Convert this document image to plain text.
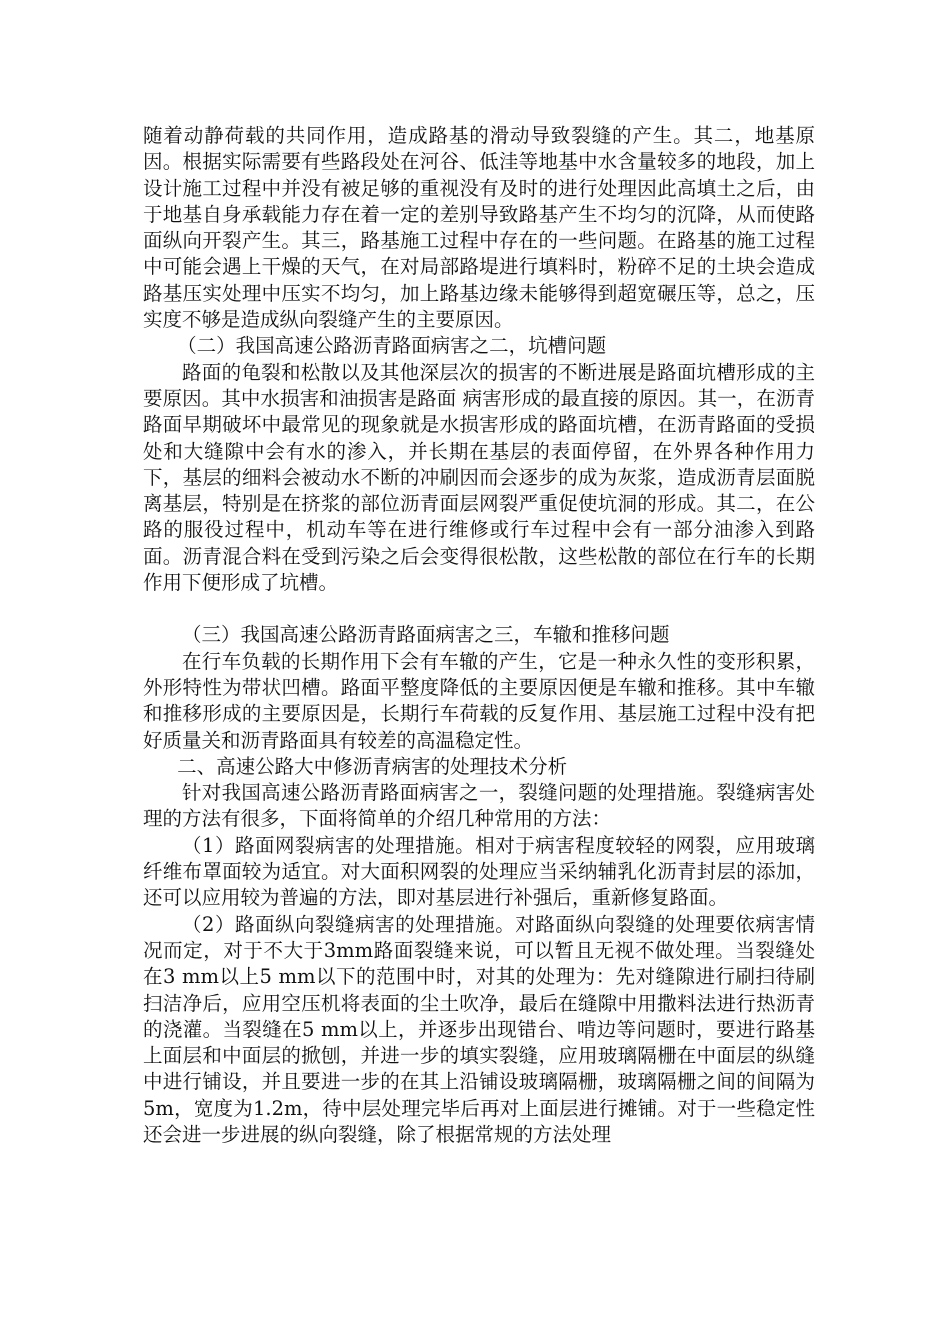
随着动静荷载的共同作用，造成路基的滑动导致裂缝的产生。其二，地基原因。根据实际需要有些路段处在河谷、低洼等地基中水含量较多的地段，加上设计施工过程中并没有被足够的重视没有及时的进行处理因此高填土之后，由于地基自身承载能力存在着一定的差别导致路基产生不均匀的沉降，从而使路面纵向开裂产生。其三，路基施工过程中存在的一些问题。在路基的施工过程中可能会遇上干燥的天气，在对局部路堤进行填料时，粉碎不足的土块会造成路基压实处理中压实不均匀，加上路基边缘未能够得到超宽碾压等，总之，压实度不够是造成纵向裂缝产生的主要原因。

（二）我国高速公路沥青路面病害之二，坑槽问题

路面的龟裂和松散以及其他深层次的损害的不断进展是路面坑槽形成的主要原因。其中水损害和油损害是路面 病害形成的最直接的原因。其一，在沥青路面早期破坏中最常见的现象就是水损害形成的路面坑槽，在沥青路面的受损处和大缝隙中会有水的渗入，并长期在基层的表面停留，在外界各种作用力下，基层的细料会被动水不断的冲刷因而会逐步的成为灰浆，造成沥青层面脱离基层，特别是在挤浆的部位沥青面层网裂严重促使坑洞的形成。其二，在公路的服役过程中，机动车等在进行维修或行车过程中会有一部分油渗入到路面。沥青混合料在受到污染之后会变得很松散，这些松散的部位在行车的长期作用下便形成了坑槽。

（三）我国高速公路沥青路面病害之三，车辙和推移问题

在行车负载的长期作用下会有车辙的产生，它是一种永久性的变形积累，外形特性为带状凹槽。路面平整度降低的主要原因便是车辙和推移。其中车辙和推移形成的主要原因是，长期行车荷载的反复作用、基层施工过程中没有把好质量关和沥青路面具有较差的高温稳定性。

二、高速公路大中修沥青病害的处理技术分析

针对我国高速公路沥青路面病害之一，裂缝问题的处理措施。裂缝病害处理的方法有很多，下面将简单的介绍几种常用的方法：

（1）路面网裂病害的处理措施。相对于病害程度较轻的网裂，应用玻璃纤维布罩面较为适宜。对大面积网裂的处理应当采纳辅乳化沥青封层的添加，还可以应用较为普遍的方法，即对基层进行补强后，重新修复路面。

（2）路面纵向裂缝病害的处理措施。对路面纵向裂缝的处理要依病害情况而定，对于不大于3mm路面裂缝来说，可以暂且无视不做处理。当裂缝处在3 mm以上5 mm以下的范围中时，对其的处理为：先对缝隙进行刷扫待刷扫洁净后，应用空压机将表面的尘土吹净，最后在缝隙中用撒料法进行热沥青的浇灌。当裂缝在5 mm以上，并逐步出现错台、啃边等问题时，要进行路基上面层和中面层的掀刨，并进一步的填实裂缝，应用玻璃隔栅在中面层的纵缝中进行铺设，并且要进一步的在其上沿铺设玻璃隔栅，玻璃隔栅之间的间隔为5m，宽度为1.2m，待中层处理完毕后再对上面层进行摊铺。对于一些稳定性还会进一步进展的纵向裂缝，除了根据常规的方法处理
